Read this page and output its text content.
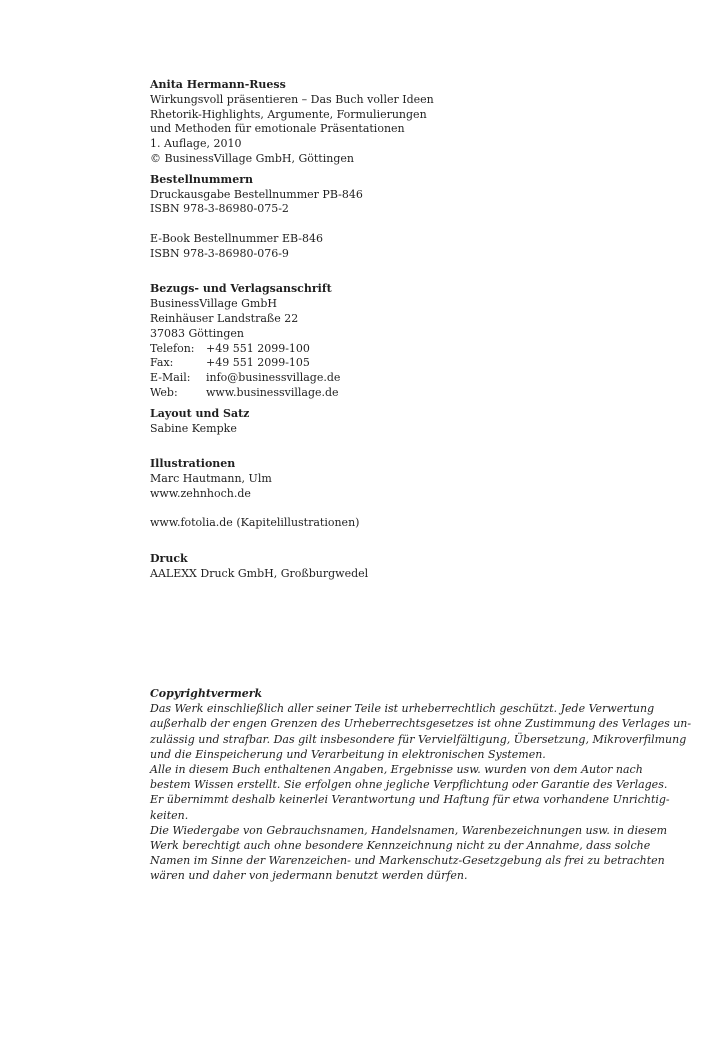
Anita Hermann-Ruess
Wirkungsvoll präsentieren – Das Buch voller Ideen
Rhetorik-Highlights, Argumente, Formulierungen
und Methoden für emotionale Präsentationen
1. Auflage, 2010
© BusinessVillage GmbH, Göttingen
Bestellnummern
Druckausgabe Bestellnummer PB-846
ISBN 978-3-86980-075-2
E-Book Bestellnummer EB-846
ISBN 978-3-86980-076-9
Bezugs- und Verlagsanschrift
BusinessVillage GmbH
Reinhäuser Landstraße 22
37083 Göttingen
Telefon:	+49 551 2099-100
Fax:	+49 551 2099-105
E-Mail:	info@businessvillage.de
Web:	www.businessvillage.de
Layout und Satz
Sabine Kempke
Illustrationen
Marc Hautmann, Ulm
www.zehnhoch.de
www.fotolia.de (Kapitelillustrationen)
Druck
AALEXX Druck GmbH, Großburgwedel
Copyrightvermerk
Das Werk einschließlich aller seiner Teile ist urheberrechtlich geschützt. Jede Verwertung
außerhalb der engen Grenzen des Urheberrechtsgesetzes ist ohne Zustimmung des Verlages un-
zulässig und strafbar. Das gilt insbesondere für Vervielfältigung, Übersetzung, Mikroverfilmung
und die Einspeicherung und Verarbeitung in elektronischen Systemen.
Alle in diesem Buch enthaltenen Angaben, Ergebnisse usw. wurden von dem Autor nach
bestem Wissen erstellt. Sie erfolgen ohne jegliche Verpflichtung oder Garantie des Verlages.
Er übernimmt deshalb keinerlei Verantwortung und Haftung für etwa vorhandene Unrichtig-
keiten.
Die Wiedergabe von Gebrauchsnamen, Handelsnamen, Warenbezeichnungen usw. in diesem
Werk berechtigt auch ohne besondere Kennzeichnung nicht zu der Annahme, dass solche
Namen im Sinne der Warenzeichen- und Markenschutz-Gesetzgebung als frei zu betrachten
wären und daher von jedermann benutzt werden dürfen.
